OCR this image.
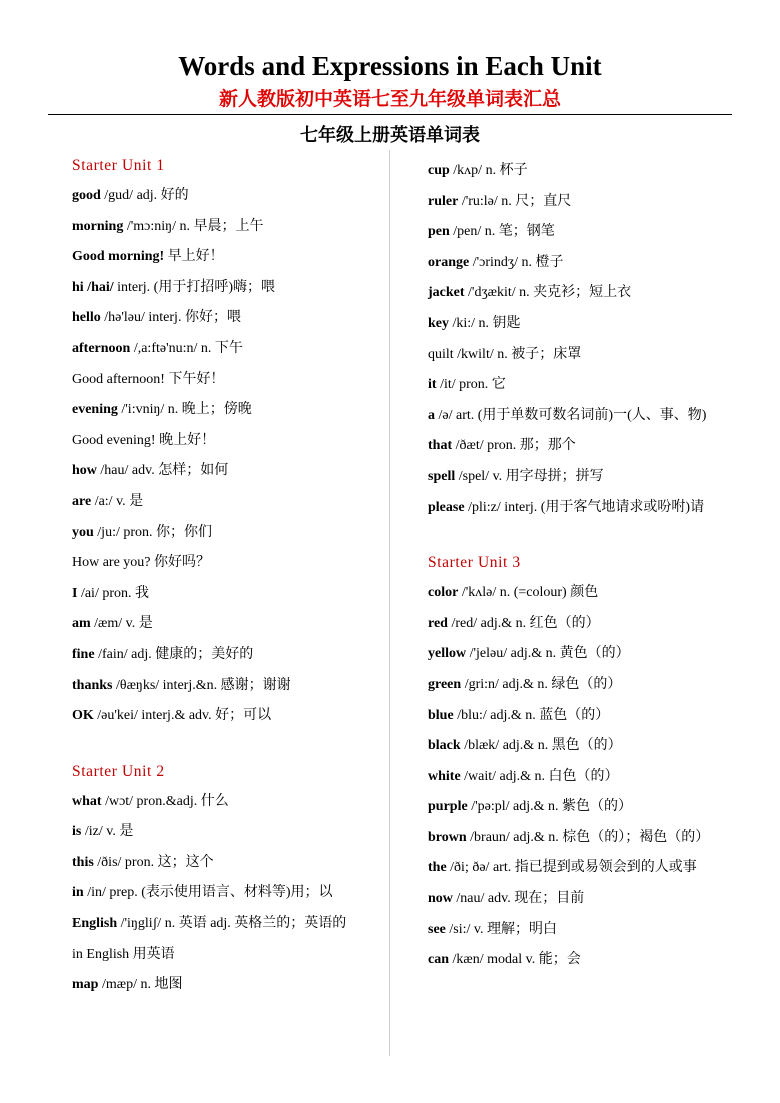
Words and Expressions in Each Unit
新人教版初中英语七至九年级单词表汇总
七年级上册英语单词表
Starter Unit 1
good /gud/ adj. 好的
morning /'mɔ:niŋ/ n. 早晨；上午
Good morning! 早上好！
hi /hai/ interj. (用于打招呼)嗨；喂
hello /hə'ləu/ interj. 你好；喂
afternoon /,a:ftə'nu:n/ n. 下午
Good afternoon! 下午好！
evening /'i:vniŋ/ n. 晚上；傍晚
Good evening! 晚上好！
how /hau/ adv. 怎样；如何
are /a:/ v. 是
you /ju:/ pron. 你；你们
How are you? 你好吗？
I /ai/ pron. 我
am /æm/ v. 是
fine /fain/ adj. 健康的；美好的
thanks /θæŋks/ interj.&n. 感谢；谢谢
OK /əu'kei/ interj.& adv. 好；可以
Starter Unit 2
what /wɔt/ pron.&adj. 什么
is /iz/ v. 是
this /ðis/ pron. 这；这个
in /in/ prep. (表示使用语言、材料等)用；以
English /'iŋgliʃ/ n. 英语 adj. 英格兰的；英语的
in English 用英语
map /mæp/ n. 地图
cup /kʌp/ n. 杯子
ruler /'ru:lə/ n. 尺；直尺
pen /pen/ n. 笔；钢笔
orange /'ɔrindʒ/ n. 橙子
jacket /'dʒækit/ n. 夹克衫；短上衣
key /ki:/ n. 钥匙
quilt /kwilt/ n. 被子；床罩
it /it/ pron. 它
a /ə/ art. (用于单数可数名词前)一(人、事、物)
that /ðæt/ pron. 那；那个
spell /spel/ v. 用字母拼；拼写
please /pli:z/ interj. (用于客气地请求或吩咐)请
Starter Unit 3
color /'kʌlə/ n. (=colour) 颜色
red /red/ adj.& n. 红色（的）
yellow /'jeləu/ adj.& n. 黄色（的）
green /gri:n/ adj.& n. 绿色（的）
blue /blu:/ adj.& n. 蓝色（的）
black /blæk/ adj.& n. 黑色（的）
white /wait/ adj.& n. 白色（的）
purple /'pə:pl/ adj.& n. 紫色（的）
brown /braun/ adj.& n. 棕色（的）；褐色（的）
the /ði; ðə/ art. 指已提到或易领会到的人或事
now /nau/ adv. 现在；目前
see /si:/ v. 理解；明白
can /kæn/ modal v. 能；会
